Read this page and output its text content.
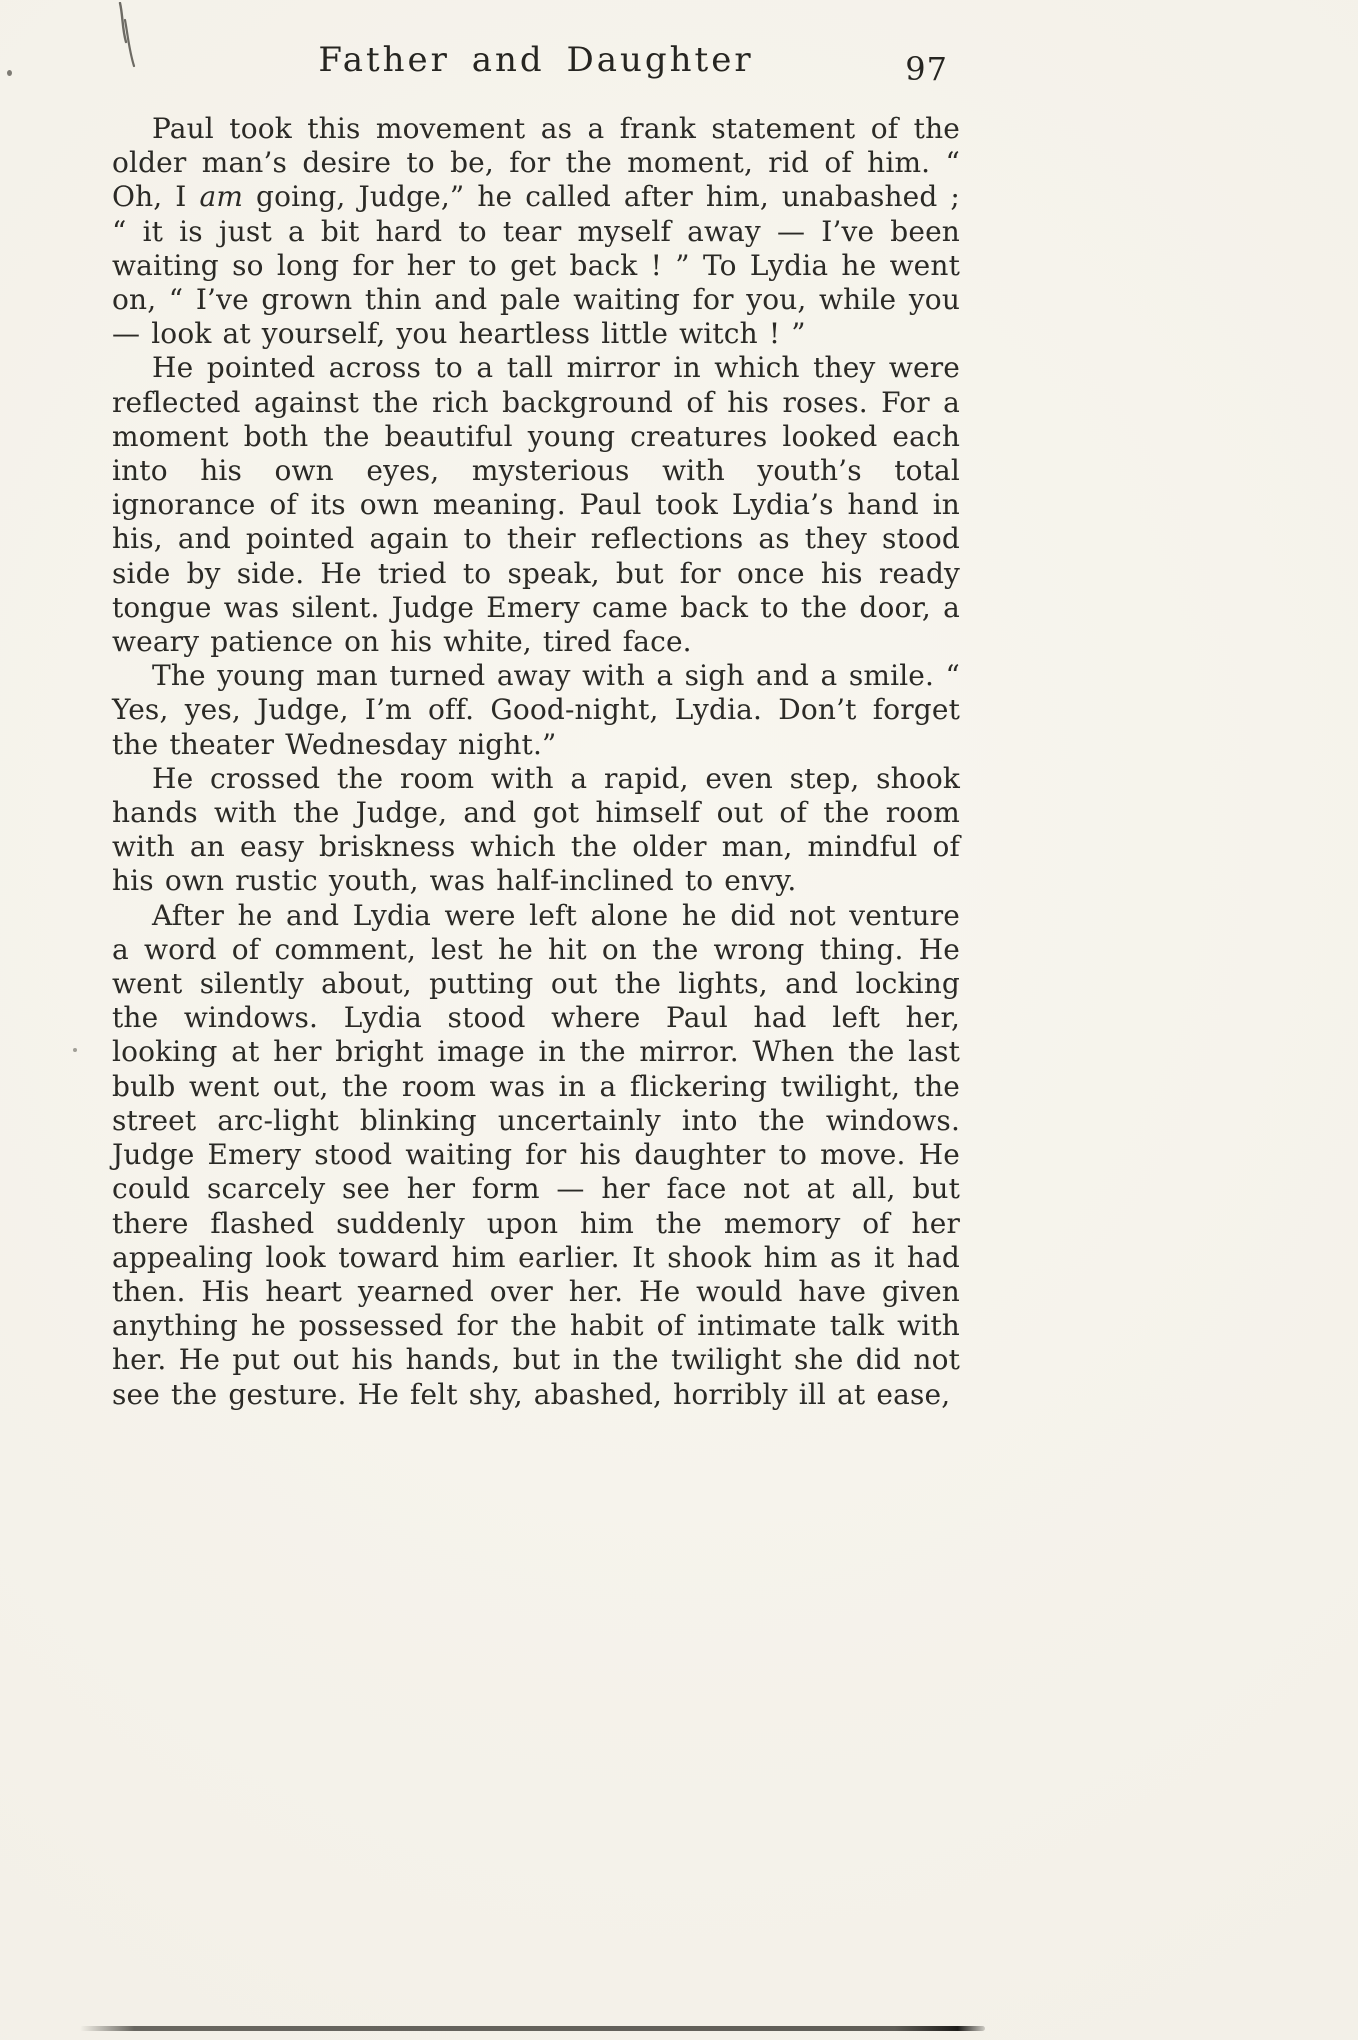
Father and Daughter	97

Paul took this movement as a frank statement of the older man’s desire to be, for the moment, rid of him. “ Oh, I am going, Judge,” he called after him, unabashed ; “ it is just a bit hard to tear myself away — I’ve been waiting so long for her to get back ! ” To Lydia he went on, “ I’ve grown thin and pale waiting for you, while you — look at yourself, you heartless little witch ! ”

He pointed across to a tall mirror in which they were reflected against the rich background of his roses. For a moment both the beautiful young creatures looked each into his own eyes, mysterious with youth’s total ignorance of its own meaning. Paul took Lydia’s hand in his, and pointed again to their reflections as they stood side by side. He tried to speak, but for once his ready tongue was silent. Judge Emery came back to the door, a weary patience on his white, tired face.

The young man turned away with a sigh and a smile. “ Yes, yes, Judge, I’m off. Good-night, Lydia. Don’t forget the theater Wednesday night.”

He crossed the room with a rapid, even step, shook hands with the Judge, and got himself out of the room with an easy briskness which the older man, mindful of his own rustic youth, was half-inclined to envy.

After he and Lydia were left alone he did not venture a word of comment, lest he hit on the wrong thing. He went silently about, putting out the lights, and locking the windows. Lydia stood where Paul had left her, looking at her bright image in the mirror. When the last bulb went out, the room was in a flickering twilight, the street arc-light blinking uncertainly into the windows. Judge Emery stood waiting for his daughter to move. He could scarcely see her form — her face not at all, but there flashed suddenly upon him the memory of her appealing look toward him earlier. It shook him as it had then. His heart yearned over her. He would have given anything he possessed for the habit of intimate talk with her. He put out his hands, but in the twilight she did not see the gesture. He felt shy, abashed, horribly ill at ease,
